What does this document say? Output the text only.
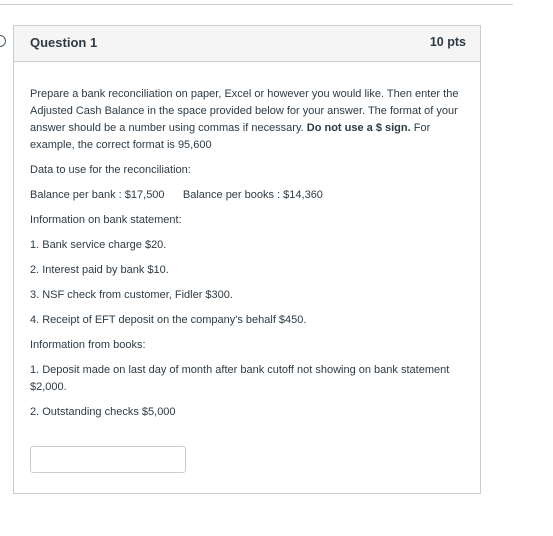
Question 1	10 pts

Prepare a bank reconciliation on paper, Excel or however you would like. Then enter the Adjusted Cash Balance in the space provided below for your answer. The format of your answer should be a number using commas if necessary. Do not use a $ sign. For example, the correct format is 95,600

Data to use for the reconciliation:

Balance per bank : $17,500      Balance per books : $14,360

Information on bank statement:

1. Bank service charge $20.

2. Interest paid by bank $10.

3. NSF check from customer, Fidler $300.

4. Receipt of EFT deposit on the company's behalf $450.

Information from books:

1. Deposit made on last day of month after bank cutoff not showing on bank statement $2,000.

2. Outstanding checks $5,000
